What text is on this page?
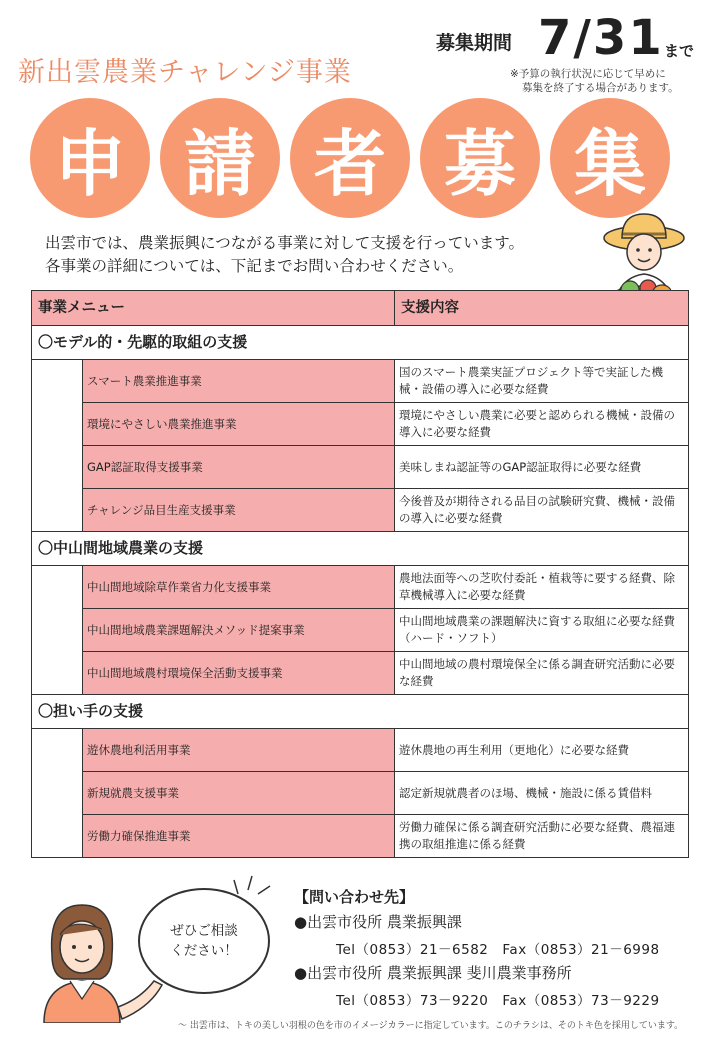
新出雲農業チャレンジ事業
募集期間 7/31 まで
※予算の執行状況に応じて早めに
募集を終了する場合があります。
申 請 者 募 集
出雲市では、農業振興につながる事業に対して支援を行っています。
各事業の詳細については、下記までお問い合わせください。
事業メニュー		支援内容
〇モデル的・先駆的取組の支援		
	スマート農業推進事業	国のスマート農業実証プロジェクト等で実証した機械・設備の導入に必要な経費
	環境にやさしい農業推進事業	環境にやさしい農業に必要と認められる機械・設備の導入に必要な経費
	GAP認証取得支援事業	美味しまね認証等のGAP認証取得に必要な経費
	チャレンジ品目生産支援事業	今後普及が期待される品目の試験研究費、機械・設備の導入に必要な経費
〇中山間地域農業の支援		
	中山間地域除草作業省力化支援事業	農地法面等への芝吹付委託・植栽等に要する経費、除草機械導入に必要な経費
	中山間地域農業課題解決メソッド提案事業	中山間地域農業の課題解決に資する取組に必要な経費（ハード・ソフト）
	中山間地域農村環境保全活動支援事業	中山間地域の農村環境保全に係る調査研究活動に必要な経費
〇担い手の支援		
	遊休農地利活用事業	遊休農地の再生利用（更地化）に必要な経費
	新規就農支援事業	認定新規就農者のほ場、機械・施設に係る賃借料
	労働力確保推進事業	労働力確保に係る調査研究活動に必要な経費、農福連携の取組推進に係る経費
ぜひご相談
ください！
【問い合わせ先】
●出雲市役所 農業振興課
Tel（0853）21－6582　Fax（0853）21－6998
●出雲市役所 農業振興課 斐川農業事務所
Tel（0853）73－9220　Fax（0853）73－9229
～ 出雲市は、トキの美しい羽根の色を市のイメージカラーに指定しています。このチラシは、そのトキ色を採用しています。
